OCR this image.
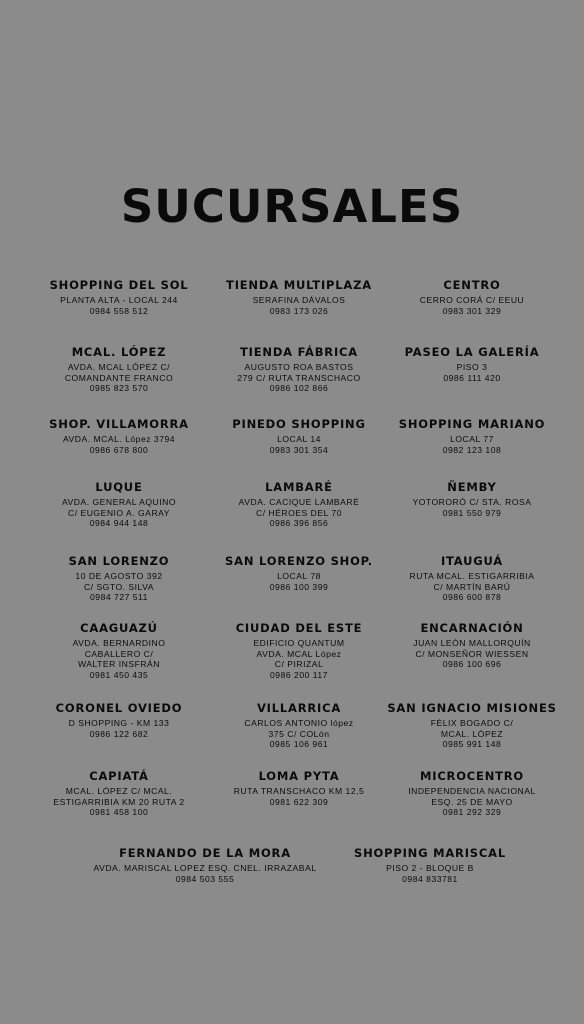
SUCURSALES
SHOPPING DEL SOL
PLANTA ALTA - LOCAL 244
0984 558 512
TIENDA MULTIPLAZA
SERAFINA DÁVALOS
0983 173 026
CENTRO
CERRO CORÁ C/ EEUU
0983 301 329
MCAL. LÓPEZ
AVDA. MCAL LÓPEZ C/
COMANDANTE FRANCO
0985 823 570
TIENDA FÁBRICA
AUGUSTO ROA BASTOS
279 C/ RUTA TRANSCHACO
0986 102 866
PASEO LA GALERÍA
PISO 3
0986 111 420
SHOP. VILLAMORRA
AVDA. MCAL. López 3794
0986 678 800
PINEDO SHOPPING
LOCAL 14
0983 301 354
SHOPPING MARIANO
LOCAL 77
0982 123 108
LUQUE
AVDA. GENERAL AQUINO
C/ EUGENIO A. GARAY
0984 944 148
LAMBARÉ
AVDA. CACIQUE LAMBARÉ
C/ HÉROES DEL 70
0986 396 856
ÑEMBY
YOTORORÓ C/ STA. ROSA
0981 550 979
SAN LORENZO
10 DE AGOSTO 392
C/ SGTO. SILVA
0984 727 511
SAN LORENZO SHOP.
LOCAL 78
0986 100 399
ITAUGUÁ
RUTA MCAL. ESTIGARRIBIA
C/ MARTÍN BARÚ
0986 600 878
CAAGUAZÚ
AVDA. BERNARDINO
CABALLERO C/
WALTER INSFRÁN
0981 450 435
CIUDAD DEL ESTE
EDIFICIO QUANTUM
AVDA. MCAL López
C/ PIRIZAL
0986 200 117
ENCARNACIÓN
JUAN LEÓN MALLORQUÍN
C/ MONSEÑOR WIESSEN
0986 100 696
CORONEL OVIEDO
D SHOPPING - KM 133
0986 122 682
VILLARRICA
CARLOS ANTONIO lópez
375 C/ COLón
0985 106 961
SAN IGNACIO MISIONES
FÉLIX BOGADO C/
MCAL. LÓPEZ
0985 991 148
CAPIATÁ
MCAL. LÓPEZ C/ MCAL.
ESTIGARRIBIA KM 20 RUTA 2
0981 458 100
LOMA PYTA
RUTA TRANSCHACO KM 12,5
0981 622 309
MICROCENTRO
INDEPENDENCIA NACIONAL
ESQ. 25 DE MAYO
0981 292 329
FERNANDO DE LA MORA
AVDA. MARISCAL LOPEZ ESQ. CNEL. IRRAZABAL
0984 503 555
SHOPPING MARISCAL
PISO 2 - BLOQUE B
0984 833781
